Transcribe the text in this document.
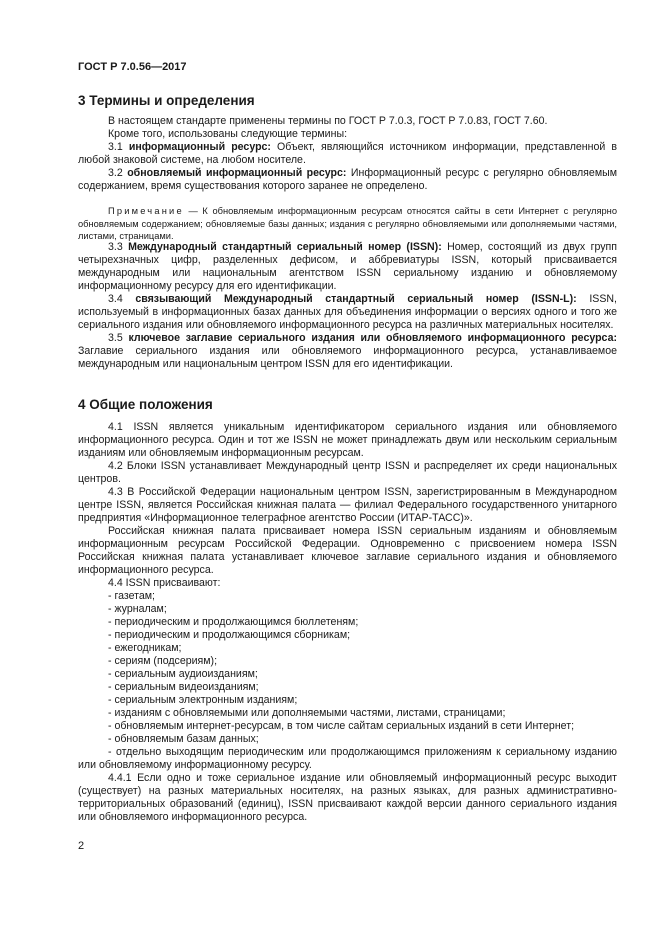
ГОСТ Р 7.0.56—2017
3 Термины и определения

В настоящем стандарте применены термины по ГОСТ Р 7.0.3, ГОСТ Р 7.0.83, ГОСТ 7.60.

Кроме того, использованы следующие термины:

3.1 информационный ресурс: Объект, являющийся источником информации, представленной в любой знаковой системе, на любом носителе.

3.2 обновляемый информационный ресурс: Информационный ресурс с регулярно обновляемым содержанием, время существования которого заранее не определено.

Примечание — К обновляемым информационным ресурсам относятся сайты в сети Интернет с регулярно обновляемым содержанием; обновляемые базы данных; издания с регулярно обновляемыми или дополняемыми частями, листами, страницами.

3.3 Международный стандартный сериальный номер (ISSN): Номер, состоящий из двух групп четырехзначных цифр, разделенных дефисом, и аббревиатуры ISSN, который присваивается международным или национальным агентством ISSN сериальному изданию и обновляемому информационному ресурсу для его идентификации.

3.4 связывающий Международный стандартный сериальный номер (ISSN-L): ISSN, используемый в информационных базах данных для объединения информации о версиях одного и того же сериального издания или обновляемого информационного ресурса на различных материальных носителях.

3.5 ключевое заглавие сериального издания или обновляемого информационного ресурса: Заглавие сериального издания или обновляемого информационного ресурса, устанавливаемое международным или национальным центром ISSN для его идентификации.

4 Общие положения

4.1 ISSN является уникальным идентификатором сериального издания или обновляемого информационного ресурса. Один и тот же ISSN не может принадлежать двум или нескольким сериальным изданиям или обновляемым информационным ресурсам.

4.2 Блоки ISSN устанавливает Международный центр ISSN и распределяет их среди национальных центров.

4.3 В Российской Федерации национальным центром ISSN, зарегистрированным в Международном центре ISSN, является Российская книжная палата — филиал Федерального государственного унитарного предприятия «Информационное телеграфное агентство России (ИТАР-ТАСС)».

Российская книжная палата присваивает номера ISSN сериальным изданиям и обновляемым информационным ресурсам Российской Федерации. Одновременно с присвоением номера ISSN Российская книжная палата устанавливает ключевое заглавие сериального издания и обновляемого информационного ресурса.

4.4 ISSN присваивают:

- газетам;

- журналам;

- периодическим и продолжающимся бюллетеням;

- периодическим и продолжающимся сборникам;

- ежегодникам;

- сериям (подсериям);

- сериальным аудиоизданиям;

- сериальным видеоизданиям;

- сериальным электронным изданиям;

- изданиям с обновляемыми или дополняемыми частями, листами, страницами;

- обновляемым интернет-ресурсам, в том числе сайтам сериальных изданий в сети Интернет;

- обновляемым базам данных;

- отдельно выходящим периодическим или продолжающимся приложениям к сериальному изданию или обновляемому информационному ресурсу.

4.4.1 Если одно и тоже сериальное издание или обновляемый информационный ресурс выходит (существует) на разных материальных носителях, на разных языках, для разных административно-территориальных образований (единиц), ISSN присваивают каждой версии данного сериального издания или обновляемого информационного ресурса.

2
